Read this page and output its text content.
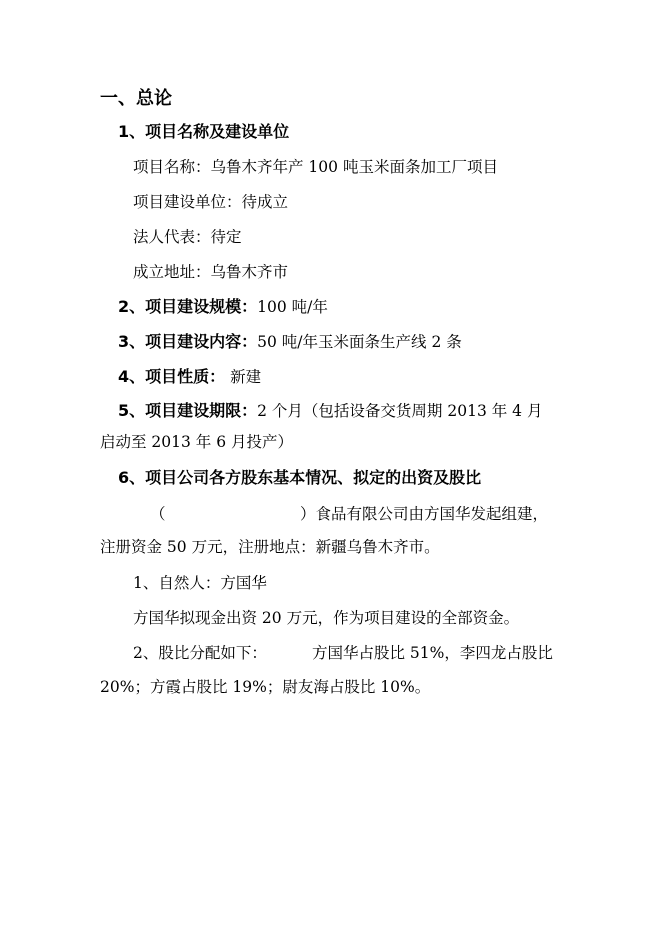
一、总论
1、项目名称及建设单位
项目名称：乌鲁木齐年产 100 吨玉米面条加工厂项目
项目建设单位：待成立
法人代表：待定
成立地址：乌鲁木齐市
2、项目建设规模：100 吨/年
3、项目建设内容：50 吨/年玉米面条生产线 2 条
4、项目性质： 新建
5、项目建设期限：2 个月（包括设备交货周期 2013 年 4 月
启动至 2013 年 6 月投产）
6、项目公司各方股东基本情况、拟定的出资及股比
（	）食品有限公司由方国华发起组建，
注册资金 50 万元，注册地点：新疆乌鲁木齐市。
1、自然人：方国华
方国华拟现金出资 20 万元，作为项目建设的全部资金。
2、股比分配如下：	方国华占股比 51%，李四龙占股比
20%；方霞占股比 19%；尉友海占股比 10%。
